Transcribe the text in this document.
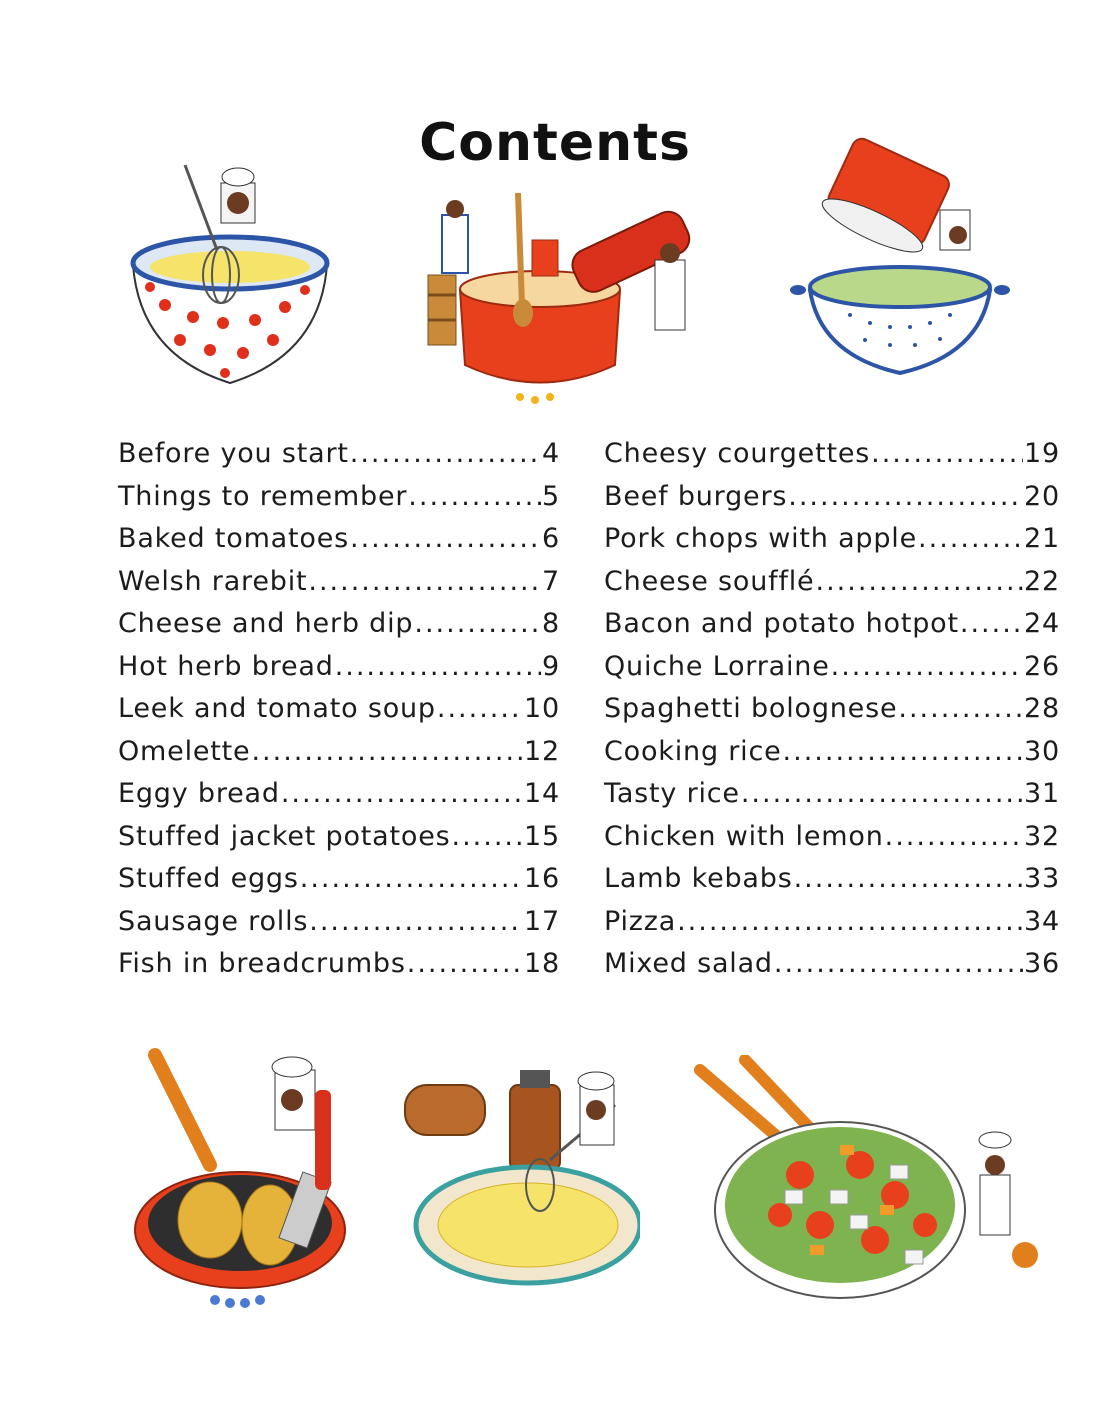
Contents
Before you start .....	4
Things to remember .....	5
Baked tomatoes .....	6
Welsh rarebit .....	7
Cheese and herb dip .....	8
Hot herb bread .....	9
Leek and tomato soup .....	10
Omelette .....	12
Eggy bread .....	14
Stuffed jacket potatoes .....	15
Stuffed eggs .....	16
Sausage rolls .....	17
Fish in breadcrumbs .....	18
Cheesy courgettes .....	19
Beef burgers .....	20
Pork chops with apple .....	21
Cheese soufflé .....	22
Bacon and potato hotpot ..... 24
Quiche Lorraine .....	26
Spaghetti bolognese .....	28
Cooking rice .....	30
Tasty rice .....	31
Chicken with lemon .....	32
Lamb kebabs .....	33
Pizza .....	34
Mixed salad .....	36
